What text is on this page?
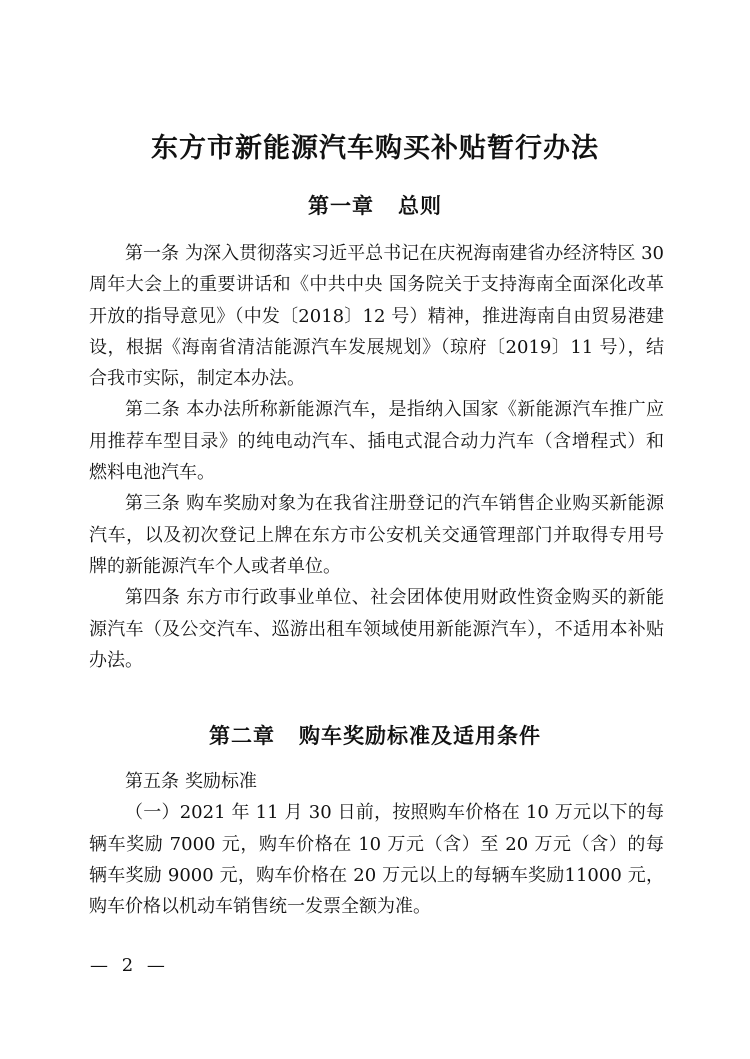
东方市新能源汽车购买补贴暂行办法
第一章 总则

第一条 为深入贯彻落实习近平总书记在庆祝海南建省办经济特区 30 周年大会上的重要讲话和《中共中央 国务院关于支持海南全面深化改革开放的指导意见》（中发〔2018〕12 号）精神，推进海南自由贸易港建设，根据《海南省清洁能源汽车发展规划》（琼府〔2019〕11 号），结合我市实际，制定本办法。

第二条 本办法所称新能源汽车，是指纳入国家《新能源汽车推广应用推荐车型目录》的纯电动汽车、插电式混合动力汽车（含增程式）和燃料电池汽车。

第三条 购车奖励对象为在我省注册登记的汽车销售企业购买新能源汽车，以及初次登记上牌在东方市公安机关交通管理部门并取得专用号牌的新能源汽车个人或者单位。

第四条 东方市行政事业单位、社会团体使用财政性资金购买的新能源汽车（及公交汽车、巡游出租车领域使用新能源汽车），不适用本补贴办法。

第二章 购车奖励标准及适用条件

第五条 奖励标准

（一）2021 年 11 月 30 日前，按照购车价格在 10 万元以下的每辆车奖励 7000 元，购车价格在 10 万元（含）至 20 万元（含）的每辆车奖励 9000 元，购车价格在 20 万元以上的每辆车奖励11000 元，购车价格以机动车销售统一发票全额为准。

— 2 —
